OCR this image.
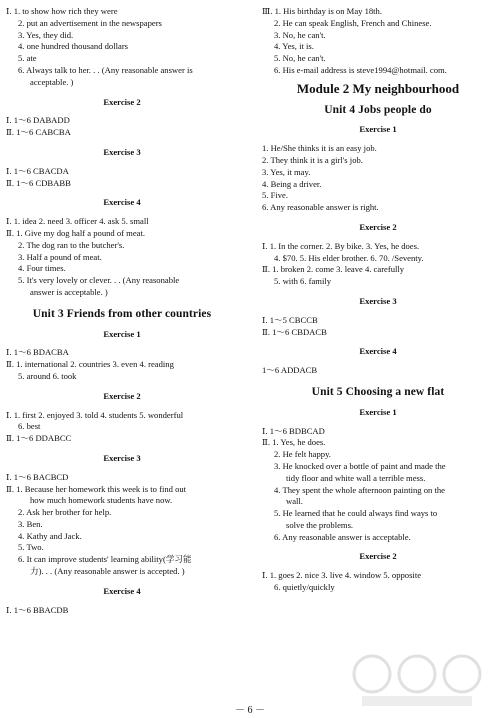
Ⅰ. 1. to show how rich they were
2. put an advertisement in the newspapers
3. Yes, they did.
4. one hundred thousand dollars
5. ate
6. Always talk to her. . . (Any reasonable answer is
acceptable. )
Exercise 2
Ⅰ. 1～6 DABADD
Ⅱ. 1～6 CABCBA
Exercise 3
Ⅰ. 1～6 CBACDA
Ⅱ. 1～6 CDBABB
Exercise 4
Ⅰ. 1. idea 2. need 3. officer 4. ask 5. small
Ⅱ. 1. Give my dog half a pound of meat.
2. The dog ran to the butcher's.
3. Half a pound of meat.
4. Four times.
5. It's very lovely or clever. . . (Any reasonable
answer is acceptable. )
Unit 3 Friends from other countries
Exercise 1
Ⅰ. 1～6 BDACBA
Ⅱ. 1. international 2. countries 3. even 4. reading
5. around 6. took
Exercise 2
Ⅰ. 1. first 2. enjoyed 3. told 4. students 5. wonderful
6. best
Ⅱ. 1～6 DDABCC
Exercise 3
Ⅰ. 1～6 BACBCD
Ⅱ. 1. Because her homework this week is to find out
how much homework students have now.
2. Ask her brother for help.
3. Ben.
4. Kathy and Jack.
5. Two.
6. It can improve students' learning ability(学习能
力). . . (Any reasonable answer is accepted. )
Exercise 4
Ⅰ. 1～6 BBACDB
Ⅲ. 1. His birthday is on May 18th.
2. He can speak English, French and Chinese.
3. No, he can't.
4. Yes, it is.
5. No, he can't.
6. His e-mail address is steve1994@hotmail. com.
Module 2 My neighbourhood
Unit 4 Jobs people do
Exercise 1
1. He/She thinks it is an easy job.
2. They think it is a girl's job.
3. Yes, it may.
4. Being a driver.
5. Five.
6. Any reasonable answer is right.
Exercise 2
Ⅰ. 1. In the corner. 2. By bike. 3. Yes, he does.
4. $70. 5. His elder brother. 6. 70. /Seventy.
Ⅱ. 1. broken 2. come 3. leave 4. carefully
5. with 6. family
Exercise 3
Ⅰ. 1～5 CBCCB
Ⅱ. 1～6 CBDACB
Exercise 4
1～6 ADDACB
Unit 5 Choosing a new flat
Exercise 1
Ⅰ. 1～6 BDBCAD
Ⅱ. 1. Yes, he does.
2. He felt happy.
3. He knocked over a bottle of paint and made the
tidy floor and white wall a terrible mess.
4. They spent the whole afternoon painting on the
wall.
5. He learned that he could always find ways to
solve the problems.
6. Any reasonable answer is acceptable.
Exercise 2
Ⅰ. 1. goes 2. nice 3. live 4. window 5. opposite
6. quietly/quickly
－ 6 －
